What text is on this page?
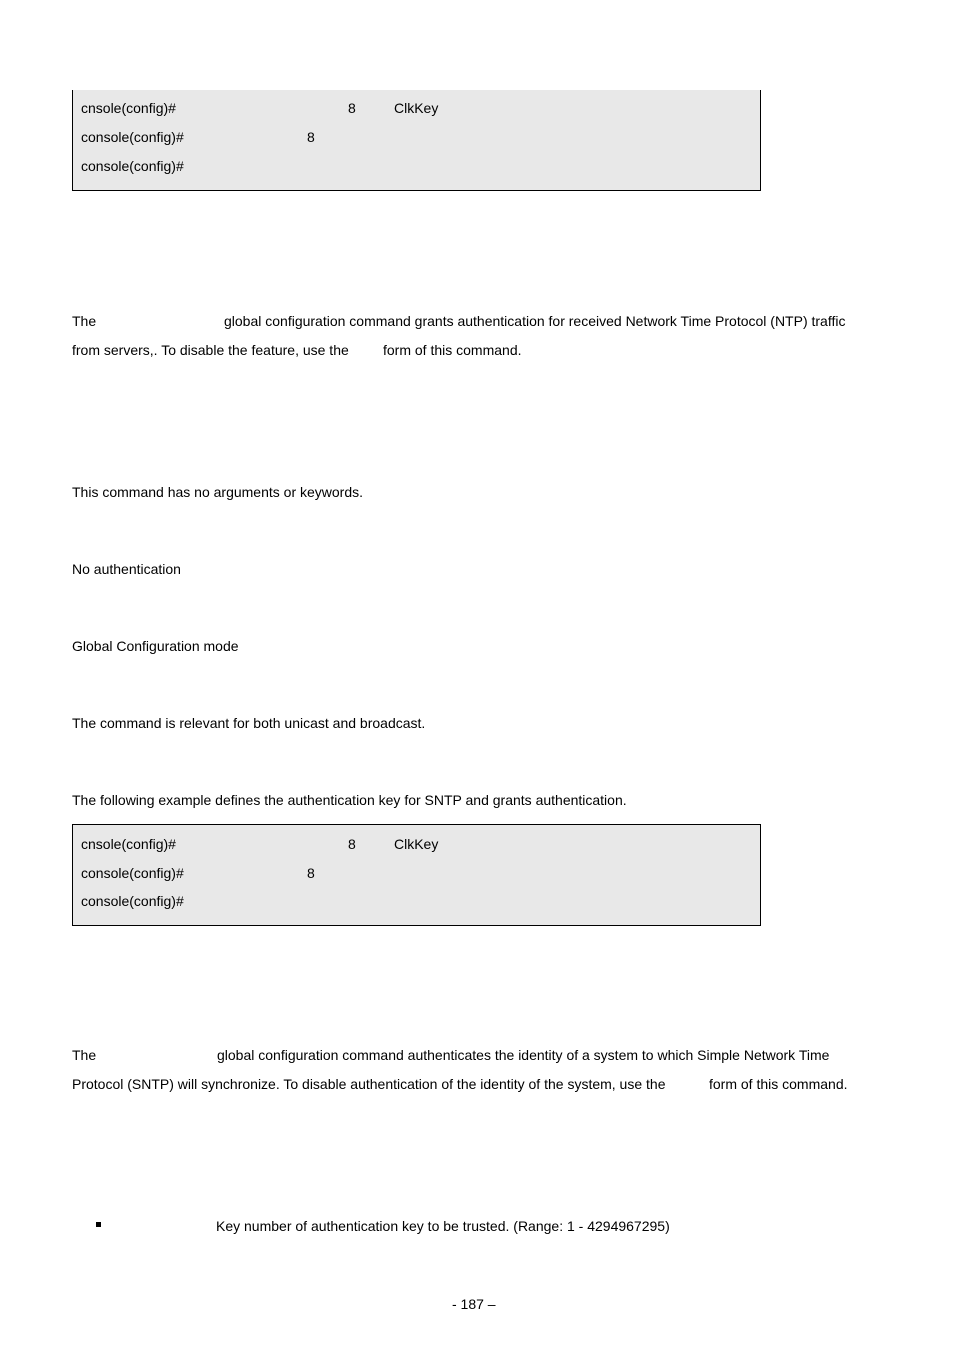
cnsole(config)#	8	ClkKey
console(config)#	8
console(config)#
The	global configuration command grants authentication for received Network Time Protocol (NTP) traffic
from servers,. To disable the feature, use the form of this command.
This command has no arguments or keywords.
No authentication
Global Configuration mode
The command is relevant for both unicast and broadcast.
The following example defines the authentication key for SNTP and grants authentication.
cnsole(config)#	8	ClkKey
console(config)#	8
console(config)#
The	global configuration command authenticates the identity of a system to which Simple Network Time
Protocol (SNTP) will synchronize. To disable authentication of the identity of the system, use the	form of this command.
Key number of authentication key to be trusted. (Range: 1 - 4294967295)
- 187 –
